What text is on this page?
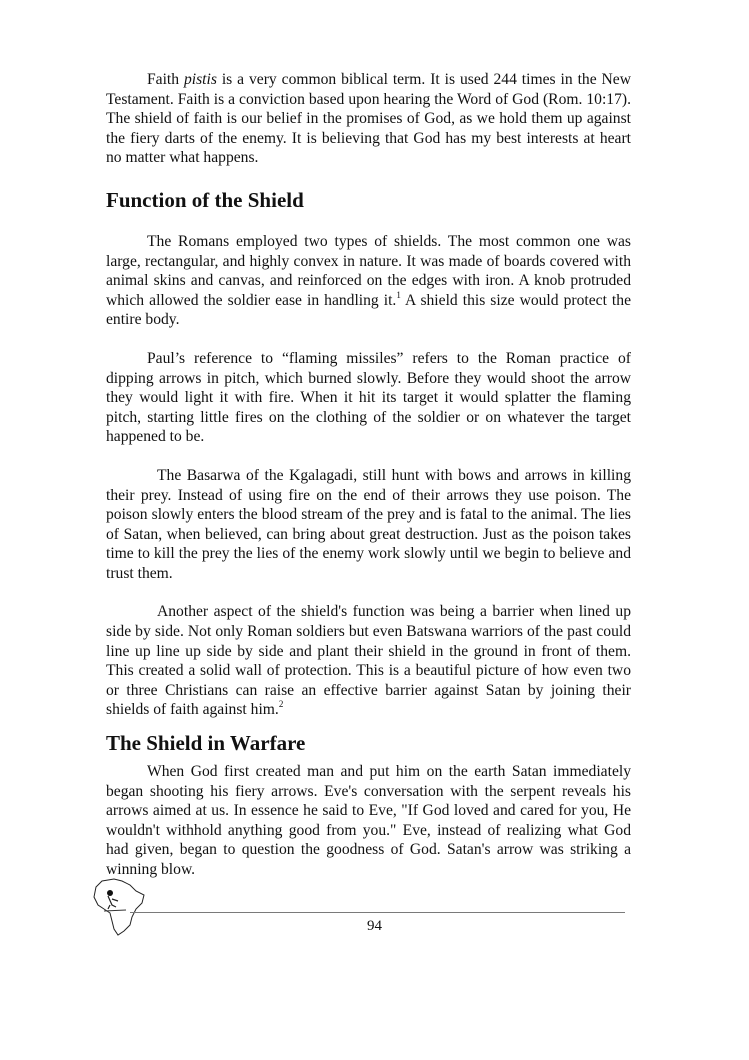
Faith pistis is a very common biblical term. It is used 244 times in the New Testament. Faith is a conviction based upon hearing the Word of God (Rom. 10:17). The shield of faith is our belief in the promises of God, as we hold them up against the fiery darts of the enemy. It is believing that God has my best interests at heart no matter what happens.

Function of the Shield

The Romans employed two types of shields. The most common one was large, rectangular, and highly convex in nature. It was made of boards covered with animal skins and canvas, and reinforced on the edges with iron. A knob protruded which allowed the soldier ease in handling it.$^1$ A shield this size would protect the entire body.

Paul’s reference to “flaming missiles” refers to the Roman practice of dipping arrows in pitch, which burned slowly. Before they would shoot the arrow they would light it with fire. When it hit its target it would splatter the flaming pitch, starting little fires on the clothing of the soldier or on whatever the target happened to be.

The Basarwa of the Kgalagadi, still hunt with bows and arrows in killing their prey. Instead of using fire on the end of their arrows they use poison. The poison slowly enters the blood stream of the prey and is fatal to the animal. The lies of Satan, when believed, can bring about great destruction. Just as the poison takes time to kill the prey the lies of the enemy work slowly until we begin to believe and trust them.

Another aspect of the shield's function was being a barrier when lined up side by side. Not only Roman soldiers but even Batswana warriors of the past could line up line up side by side and plant their shield in the ground in front of them. This created a solid wall of protection. This is a beautiful picture of how even two or three Christians can raise an effective barrier against Satan by joining their shields of faith against him.$^2$

The Shield in Warfare

When God first created man and put him on the earth Satan immediately began shooting his fiery arrows. Eve's conversation with the serpent reveals his arrows aimed at us. In essence he said to Eve, "If God loved and cared for you, He wouldn't withhold anything good from you." Eve, instead of realizing what God had given, began to question the goodness of God. Satan's arrow was striking a winning blow.

94
